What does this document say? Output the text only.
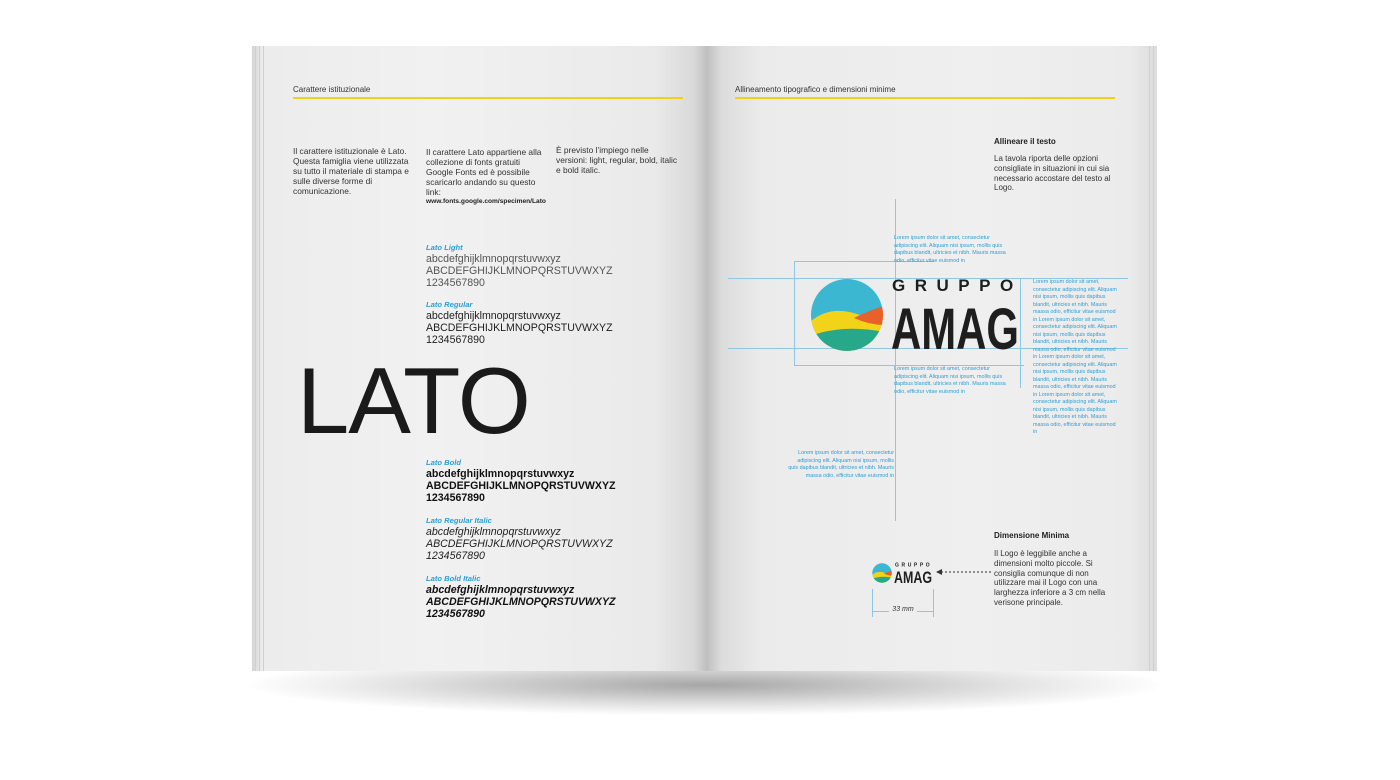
Carattere istituzionale
Il carattere istituzionale è Lato. Questa famiglia viene utilizzata su tutto il materiale di stampa e sulle diverse forme di comunicazione.
Il carattere Lato appartiene alla collezione di fonts gratuiti Google Fonts ed è possibile scaricarlo andando su questo link:
www.fonts.google.com/specimen/Lato
È previsto l’impiego nelle versioni: light, regular, bold, italic e bold italic.
Lato Light
abcdefghijklmnopqrstuvwxyz
ABCDEFGHIJKLMNOPQRSTUVWXYZ
1234567890
Lato Regular
abcdefghijklmnopqrstuvwxyz
ABCDEFGHIJKLMNOPQRSTUVWXYZ
1234567890
LATO
Lato Bold
abcdefghijklmnopqrstuvwxyz
ABCDEFGHIJKLMNOPQRSTUVWXYZ
1234567890
Lato Regular Italic
abcdefghijklmnopqrstuvwxyz
ABCDEFGHIJKLMNOPQRSTUVWXYZ
1234567890
Lato Bold Italic
abcdefghijklmnopqrstuvwxyz
ABCDEFGHIJKLMNOPQRSTUVWXYZ
1234567890
Allineamento tipografico e dimensioni minime
Allineare il testo
La tavola riporta delle opzioni consigliate in situazioni in cui sia necessario accostare del testo al Logo.
Lorem ipsum dolor sit amet, consectetur adipiscing elit. Aliquam nisi ipsum, mollis quis dapibus blandit, ultricies et nibh. Mauris massa odio, efficitur vitae euismod in
Lorem ipsum dolor sit amet, consectetur adipiscing elit. Aliquam nisi ipsum, mollis quis dapibus blandit, ultricies et nibh. Mauris massa odio, efficitur vitae euismod in
Lorem ipsum dolor sit amet, consectetur adipiscing elit. Aliquam nisi ipsum, mollis quis dapibus blandit, ultricies et nibh. Mauris massa odio, efficitur vitae euismod in
Lorem ipsum dolor sit amet, consectetur adipiscing elit. Aliquam nisi ipsum, mollis quis dapibus blandit, ultricies et nibh. Mauris massa odio, efficitur vitae euismod in Lorem ipsum dolor sit amet, consectetur adipiscing elit. Aliquam nisi ipsum, mollis quis dapibus blandit, ultricies et nibh. Mauris massa odio, efficitur vitae euismod in Lorem ipsum dolor sit amet, consectetur adipiscing elit. Aliquam nisi ipsum, mollis quis dapibus blandit, ultricies et nibh. Mauris massa odio, efficitur vitae euismod in Lorem ipsum dolor sit amet, consectetur adipiscing elit. Aliquam nisi ipsum, mollis quis dapibus blandit, ultricies et nibh. Mauris massa odio, efficitur vitae euismod in
GRUPPO
AMAG
Dimensione Minima
Il Logo è leggibile anche a dimensioni molto piccole. Si consiglia comunque di non utilizzare mai il Logo con una larghezza inferiore a 3 cm nella verisone principale.
GRUPPO
AMAG
33 mm
